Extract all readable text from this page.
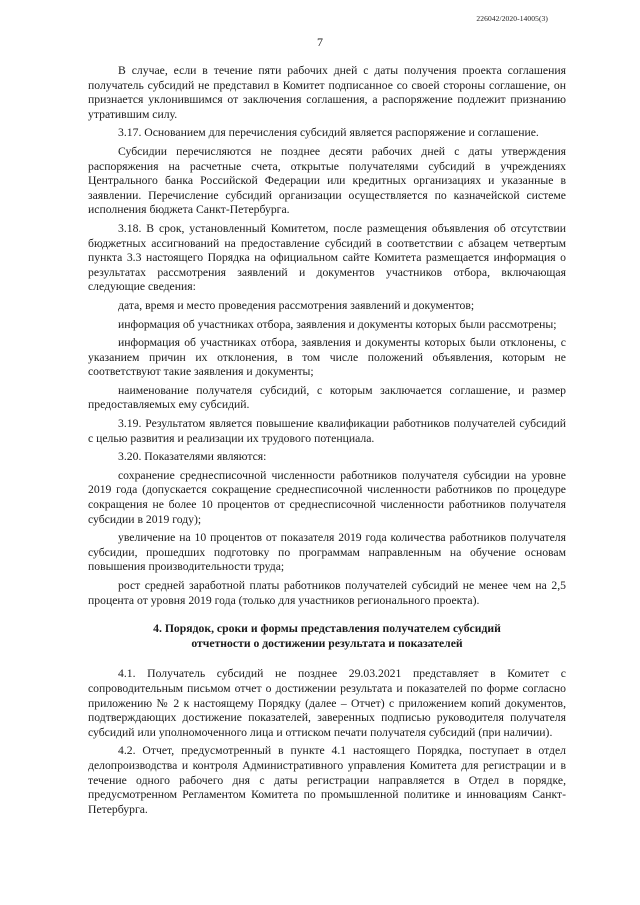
226042/2020-14005(3)
7

В случае, если в течение пяти рабочих дней с даты получения проекта соглашения получатель субсидий не представил в Комитет подписанное со своей стороны соглашение, он признается уклонившимся от заключения соглашения, а распоряжение подлежит признанию утратившим силу.

3.17. Основанием для перечисления субсидий является распоряжение и соглашение.

Субсидии перечисляются не позднее десяти рабочих дней с даты утверждения распоряжения на расчетные счета, открытые получателями субсидий в учреждениях Центрального банка Российской Федерации или кредитных организациях и указанные в заявлении. Перечисление субсидий организации осуществляется по казначейской системе исполнения бюджета Санкт-Петербурга.

3.18. В срок, установленный Комитетом, после размещения объявления об отсутствии бюджетных ассигнований на предоставление субсидий в соответствии с абзацем четвертым пункта 3.3 настоящего Порядка на официальном сайте Комитета размещается информация о результатах рассмотрения заявлений и документов участников отбора, включающая следующие сведения:

дата, время и место проведения рассмотрения заявлений и документов;

информация об участниках отбора, заявления и документы которых были рассмотрены;

информация об участниках отбора, заявления и документы которых были отклонены, с указанием причин их отклонения, в том числе положений объявления, которым не соответствуют такие заявления и документы;

наименование получателя субсидий, с которым заключается соглашение, и размер предоставляемых ему субсидий.

3.19. Результатом является повышение квалификации работников получателей субсидий с целью развития и реализации их трудового потенциала.

3.20. Показателями являются:

сохранение среднесписочной численности работников получателя субсидии на уровне 2019 года (допускается сокращение среднесписочной численности работников по процедуре сокращения не более 10 процентов от среднесписочной численности работников получателя субсидии в 2019 году);

увеличение на 10 процентов от показателя 2019 года количества работников получателя субсидии, прошедших подготовку по программам направленным на обучение основам повышения производительности труда;

рост средней заработной платы работников получателей субсидий не менее чем на 2,5 процента от уровня 2019 года (только для участников регионального проекта).

4. Порядок, сроки и формы представления получателем субсидий
отчетности о достижении результата и показателей

4.1. Получатель субсидий не позднее 29.03.2021 представляет в Комитет с сопроводительным письмом отчет о достижении результата и показателей по форме согласно приложению № 2 к настоящему Порядку (далее – Отчет) с приложением копий документов, подтверждающих достижение показателей, заверенных подписью руководителя получателя субсидий или уполномоченного лица и оттиском печати получателя субсидий (при наличии).

4.2. Отчет, предусмотренный в пункте 4.1 настоящего Порядка, поступает в отдел делопроизводства и контроля Административного управления Комитета для регистрации и в течение одного рабочего дня с даты регистрации направляется в Отдел в порядке, предусмотренном Регламентом Комитета по промышленной политике и инновациям Санкт-Петербурга.
